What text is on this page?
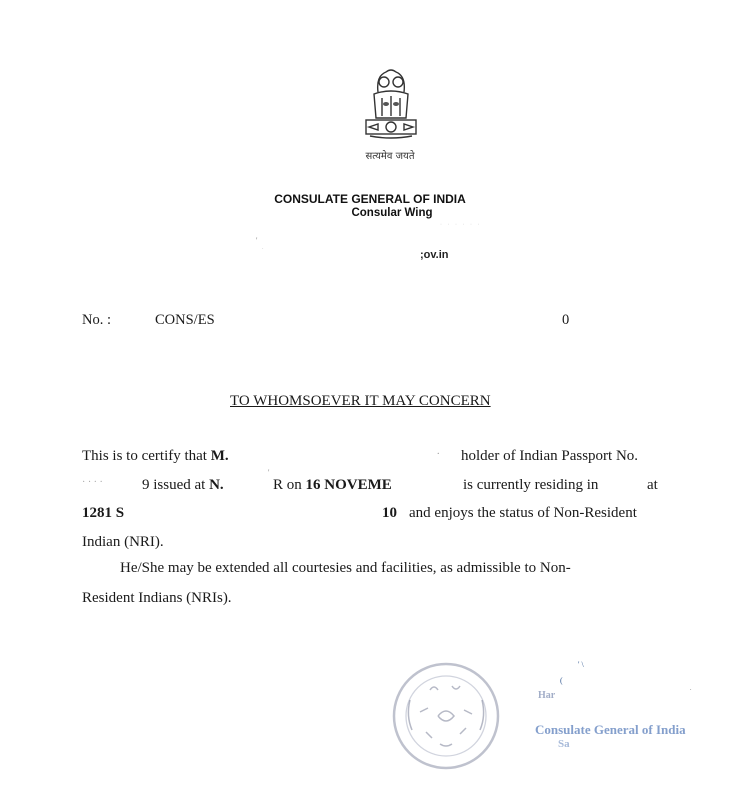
सत्यमेव जयते
CONSULATE GENERAL OF INDIA
Consular Wing
· · · · · ·
'
.
;ov.in
No. :	CONS/ES	0
TO WHOMSOEVER IT MAY CONCERN
This is to certify that M.	. holder of Indian Passport No.
· · · ·	9 issued at N.
'
R on 16 NOVEME	is currently residing in	at
1281 S	10 and enjoys the status of Non-Resident
Indian (NRI).
He/She may be extended all courtesies and facilities, as admissible to Non-
Resident Indians (NRIs).
' \
(
Har
.
Consulate General of India
Sa
